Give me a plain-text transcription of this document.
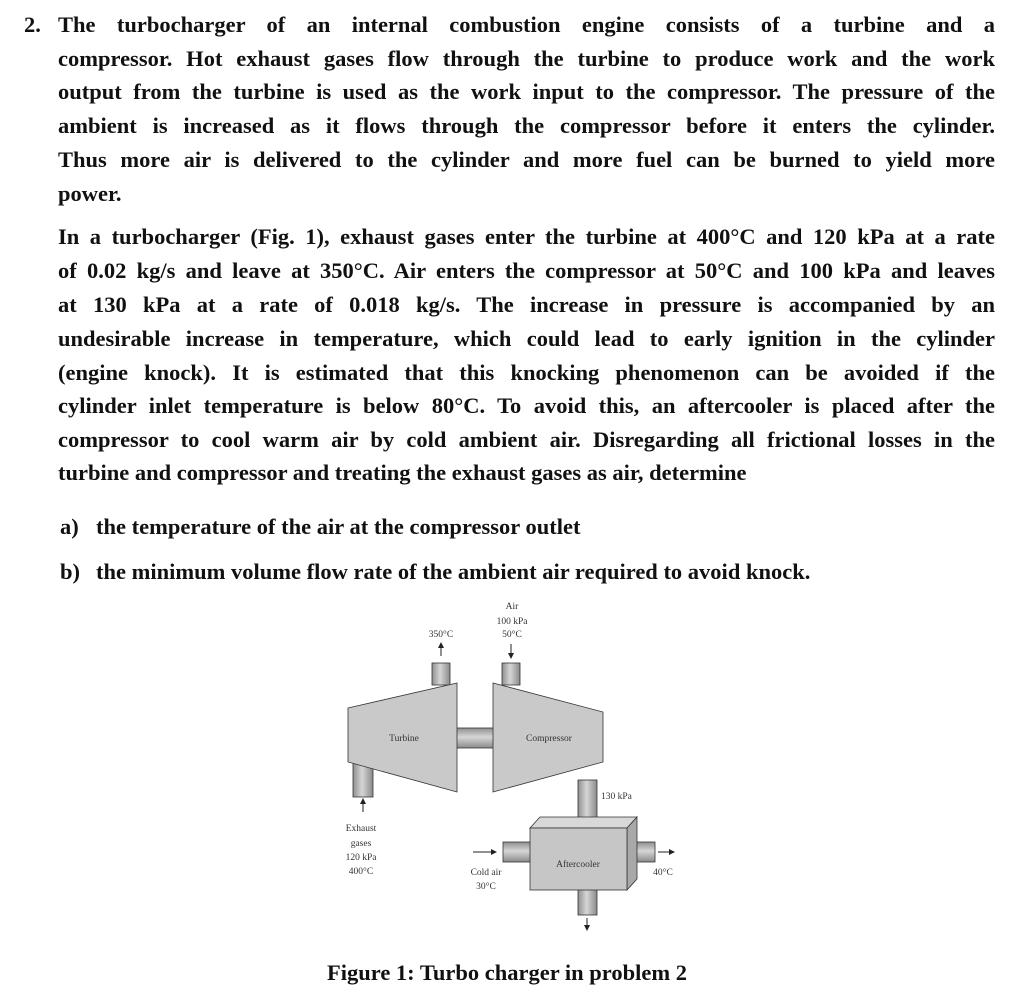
2. The turbocharger of an internal combustion engine consists of a turbine and a
compressor. Hot exhaust gases flow through the turbine to produce work and the work
output from the turbine is used as the work input to the compressor. The pressure of the
ambient is increased as it flows through the compressor before it enters the cylinder.
Thus more air is delivered to the cylinder and more fuel can be burned to yield more
power.
In a turbocharger (Fig. 1), exhaust gases enter the turbine at 400°C and 120 kPa at a rate
of 0.02 kg/s and leave at 350°C. Air enters the compressor at 50°C and 100 kPa and leaves
at 130 kPa at a rate of 0.018 kg/s. The increase in pressure is accompanied by an
undesirable increase in temperature, which could lead to early ignition in the cylinder
(engine knock). It is estimated that this knocking phenomenon can be avoided if the
cylinder inlet temperature is below 80°C. To avoid this, an aftercooler is placed after the
compressor to cool warm air by cold ambient air. Disregarding all frictional losses in the
turbine and compressor and treating the exhaust gases as air, determine
a) the temperature of the air at the compressor outlet
b) the minimum volume flow rate of the ambient air required to avoid knock.
350°C
Air
100 kPa
50°C
Turbine	Compressor
130 kPa
Exhaust
gases
120 kPa
400°C	Cold air
30°C
Aftercooler
40°C
Figure 1: Turbo charger in problem 2
